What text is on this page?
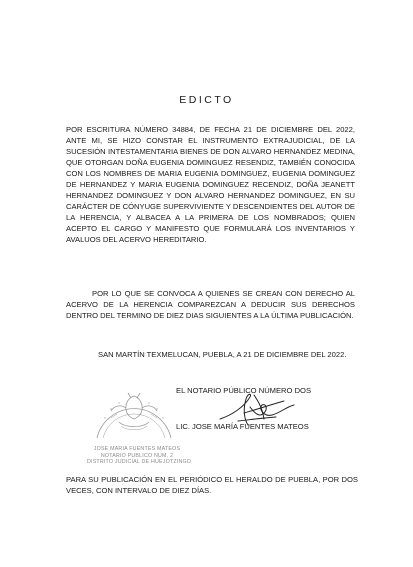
EDICTO
POR ESCRITURA NÚMERO 34884, DE FECHA 21 DE DICIEMBRE DEL 2022, ANTE MI, SE HIZO CONSTAR EL INSTRUMENTO EXTRAJUDICIAL, DE LA SUCESIÓN INTESTAMENTARIA BIENES DE DON ALVARO HERNANDEZ MEDINA, QUE OTORGAN DOÑA EUGENIA DOMINGUEZ RESENDIZ, TAMBIÉN CONOCIDA CON LOS NOMBRES DE MARIA EUGENIA DOMINGUEZ, EUGENIA DOMINGUEZ DE HERNANDEZ Y MARIA EUGENIA DOMINGUEZ RECENDIZ, DOÑA JEANETT HERNANDEZ DOMINGUEZ Y DON ALVARO HERNANDEZ DOMINGUEZ, EN SU CARÁCTER DE CÓNYUGE SUPERVIVIENTE Y DESCENDIENTES DEL AUTOR DE LA HERENCIA, Y ALBACEA A LA PRIMERA DE LOS NOMBRADOS; QUIEN ACEPTO EL CARGO Y MANIFESTO QUE FORMULARÁ LOS INVENTARIOS Y AVALUOS DEL ACERVO HEREDITARIO.
POR LO QUE SE CONVOCA A QUIENES SE CREAN CON DERECHO AL ACERVO DE LA HERENCIA COMPAREZCAN A DEDUCIR SUS DERECHOS DENTRO DEL TERMINO DE DIEZ DIAS SIGUIENTES A LA ÚLTIMA PUBLICACIÓN.
SAN MARTÍN TEXMELUCAN, PUEBLA, A 21 DE DICIEMBRE DEL 2022.
EL NOTARIO PÚBLICO NÚMERO DOS
LIC. JOSE MARÍA FUENTES MATEOS
JOSE MARIA FUENTES MATEOS
NOTARIO PUBLICO NUM. 2
DISTRITO JUDICIAL DE HUEJOTZINGO
PARA SU PUBLICACIÓN EN EL PERIÓDICO EL HERALDO DE PUEBLA, POR DOS VECES, CON INTERVALO DE DIEZ DÍAS.
